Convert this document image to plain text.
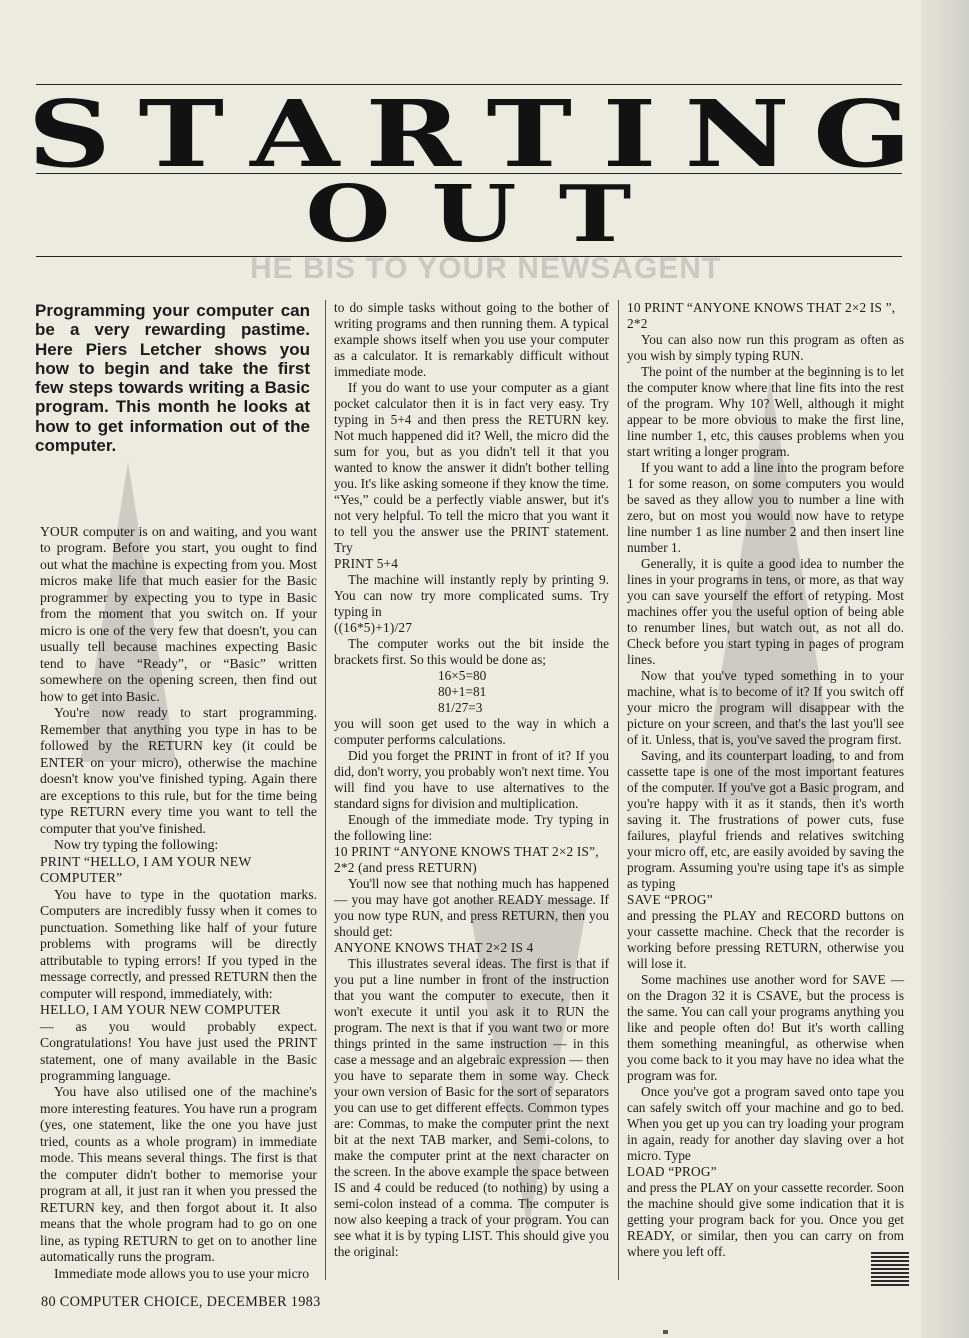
S T A R T I N G
O U T
HE BIS TO YOUR NEWSAGENT
Programming your computer can be a very rewarding pastime. Here Piers Letcher shows you how to begin and take the first few steps towards writing a Basic program. This month he looks at how to get information out of the computer.

YOUR computer is on and waiting, and you want to program. Before you start, you ought to find out what the machine is expecting from you. Most micros make life that much easier for the Basic programmer by expecting you to type in Basic from the moment that you switch on. If your micro is one of the very few that doesn't, you can usually tell because machines expecting Basic tend to have “Ready”, or “Basic” written somewhere on the opening screen, then find out how to get into Basic.

You're now ready to start programming. Remember that anything you type in has to be followed by the RETURN key (it could be ENTER on your micro), otherwise the machine doesn't know you've finished typing. Again there are exceptions to this rule, but for the time being type RETURN every time you want to tell the computer that you've finished.

Now try typing the following:

PRINT “HELLO, I AM YOUR NEW COMPUTER”

You have to type in the quotation marks. Computers are incredibly fussy when it comes to punctuation. Something like half of your future problems with programs will be directly attributable to typing errors! If you typed in the message correctly, and pressed RETURN then the computer will respond, immediately, with:

HELLO, I AM YOUR NEW COMPUTER

— as you would probably expect. Congratulations! You have just used the PRINT statement, one of many available in the Basic programming language.

You have also utilised one of the machine's more interesting features. You have run a program (yes, one statement, like the one you have just tried, counts as a whole program) in immediate mode. This means several things. The first is that the computer didn't bother to memorise your program at all, it just ran it when you pressed the RETURN key, and then forgot about it. It also means that the whole program had to go on one line, as typing RETURN to get on to another line automatically runs the program.

Immediate mode allows you to use your micro

to do simple tasks without going to the bother of writing programs and then running them. A typical example shows itself when you use your computer as a calculator. It is remarkably difficult without immediate mode.

If you do want to use your computer as a giant pocket calculator then it is in fact very easy. Try typing in 5+4 and then press the RETURN key. Not much happened did it? Well, the micro did the sum for you, but as you didn't tell it that you wanted to know the answer it didn't bother telling you. It's like asking someone if they know the time. “Yes,” could be a perfectly viable answer, but it's not very helpful. To tell the micro that you want it to tell you the answer use the PRINT statement. Try

PRINT 5+4

The machine will instantly reply by printing 9. You can now try more complicated sums. Try typing in

((16*5)+1)/27

The computer works out the bit inside the brackets first. So this would be done as;

16×5=80

80+1=81

81/27=3

you will soon get used to the way in which a computer performs calculations.

Did you forget the PRINT in front of it? If you did, don't worry, you probably won't next time. You will find you have to use alternatives to the standard signs for division and multiplication.

Enough of the immediate mode. Try typing in the following line:

10 PRINT “ANYONE KNOWS THAT 2×2 IS”, 2*2 (and press RETURN)

You'll now see that nothing much has happened — you may have got another READY message. If you now type RUN, and press RETURN, then you should get:

ANYONE KNOWS THAT 2×2 IS 4

This illustrates several ideas. The first is that if you put a line number in front of the instruction that you want the computer to execute, then it won't execute it until you ask it to RUN the program. The next is that if you want two or more things printed in the same instruction — in this case a message and an algebraic expression — then you have to separate them in some way. Check your own version of Basic for the sort of separators you can use to get different effects. Common types are: Commas, to make the computer print the next bit at the next TAB marker, and Semi-colons, to make the computer print at the next character on the screen. In the above example the space between IS and 4 could be reduced (to nothing) by using a semi-colon instead of a comma. The computer is now also keeping a track of your program. You can see what it is by typing LIST. This should give you the original:

10 PRINT “ANYONE KNOWS THAT 2×2 IS ”, 2*2

You can also now run this program as often as you wish by simply typing RUN.

The point of the number at the beginning is to let the computer know where that line fits into the rest of the program. Why 10? Well, although it might appear to be more obvious to make the first line, line number 1, etc, this causes problems when you start writing a longer program.

If you want to add a line into the program before 1 for some reason, on some computers you would be saved as they allow you to number a line with zero, but on most you would now have to retype line number 1 as line number 2 and then insert line number 1.

Generally, it is quite a good idea to number the lines in your programs in tens, or more, as that way you can save yourself the effort of retyping. Most machines offer you the useful option of being able to renumber lines, but watch out, as not all do. Check before you start typing in pages of program lines.

Now that you've typed something in to your machine, what is to become of it? If you switch off your micro the program will disappear with the picture on your screen, and that's the last you'll see of it. Unless, that is, you've saved the program first.

Saving, and its counterpart loading, to and from cassette tape is one of the most important features of the computer. If you've got a Basic program, and you're happy with it as it stands, then it's worth saving it. The frustrations of power cuts, fuse failures, playful friends and relatives switching your micro off, etc, are easily avoided by saving the program. Assuming you're using tape it's as simple as typing

SAVE “PROG”

and pressing the PLAY and RECORD buttons on your cassette machine. Check that the recorder is working before pressing RETURN, otherwise you will lose it.

Some machines use another word for SAVE — on the Dragon 32 it is CSAVE, but the process is the same. You can call your programs anything you like and people often do! But it's worth calling them something meaningful, as otherwise when you come back to it you may have no idea what the program was for.

Once you've got a program saved onto tape you can safely switch off your machine and go to bed. When you get up you can try loading your program in again, ready for another day slaving over a hot micro. Type

LOAD “PROG”

and press the PLAY on your cassette recorder. Soon the machine should give some indication that it is getting your program back for you. Once you get READY, or similar, then you can carry on from where you left off.

80 COMPUTER CHOICE, DECEMBER 1983
